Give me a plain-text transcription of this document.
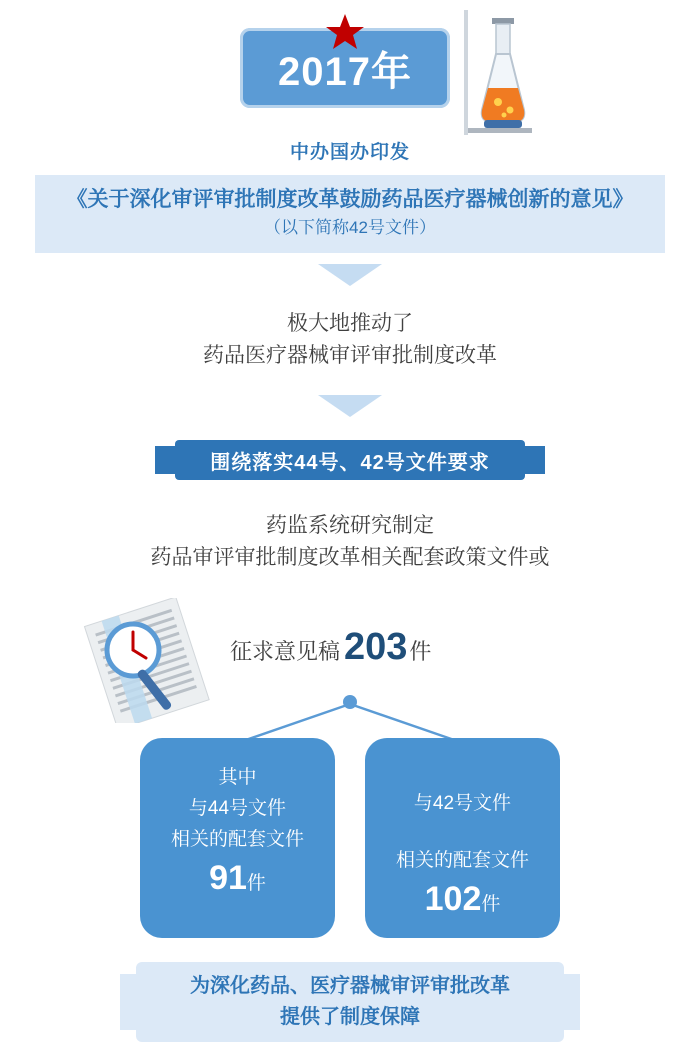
2017年
中办国办印发
《关于深化审评审批制度改革鼓励药品医疗器械创新的意见》
（以下简称42号文件）
极大地推动了
药品医疗器械审评审批制度改革
围绕落实44号、42号文件要求
药监系统研究制定
药品审评审批制度改革相关配套政策文件或
征求意见稿 203 件
其中
与44号文件
相关的配套文件
91件
与42号文件
相关的配套文件
102件
为深化药品、医疗器械审评审批改革
提供了制度保障
